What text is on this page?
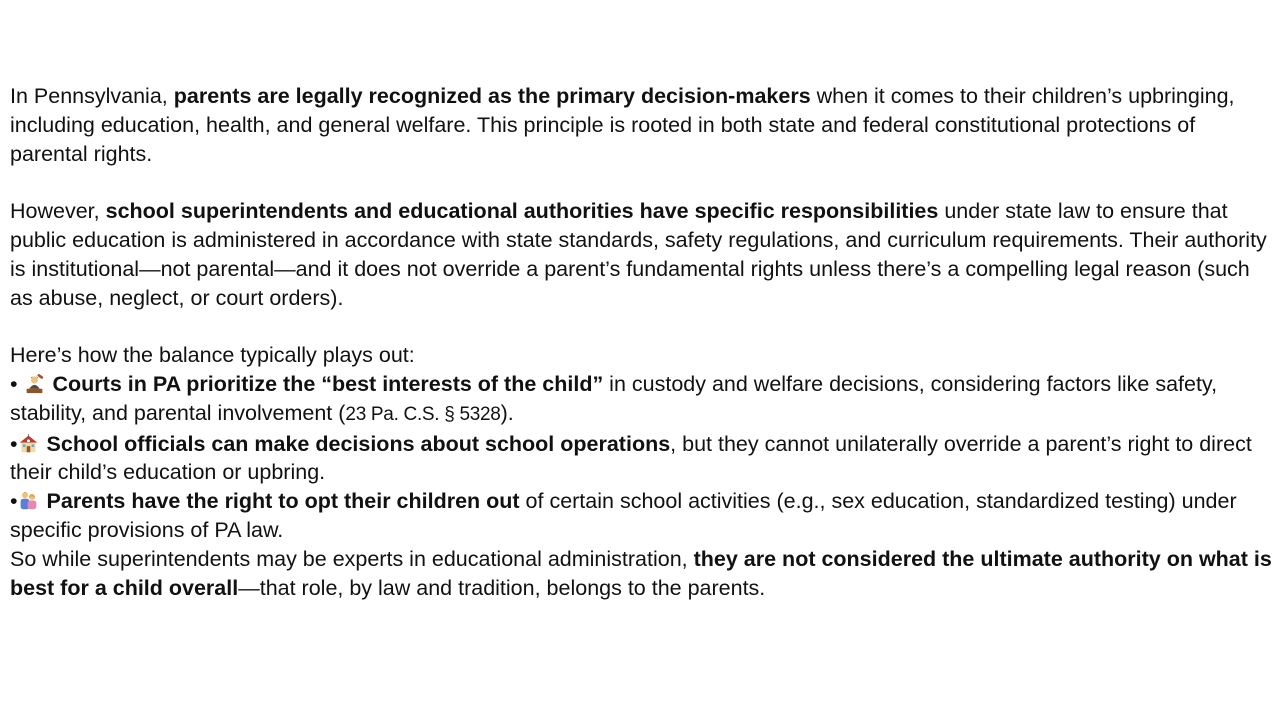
In Pennsylvania, parents are legally recognized as the primary decision-makers when it comes to their children’s upbringing, including education, health, and general welfare. This principle is rooted in both state and federal constitutional protections of parental rights.

However, school superintendents and educational authorities have specific responsibilities under state law to ensure that public education is administered in accordance with state standards, safety regulations, and curriculum requirements. Their authority is institutional—not parental—and it does not override a parent’s fundamental rights unless there’s a compelling legal reason (such as abuse, neglect, or court orders).

Here’s how the balance typically plays out:

• Courts in PA prioritize the “best interests of the child” in custody and welfare decisions, considering factors like safety, stability, and parental involvement (23 Pa. C.S. § 5328).

• School officials can make decisions about school operations, but they cannot unilaterally override a parent’s right to direct their child’s education or upbring.

• Parents have the right to opt their children out of certain school activities (e.g., sex education, standardized testing) under specific provisions of PA law.

So while superintendents may be experts in educational administration, they are not considered the ultimate authority on what is best for a child overall—that role, by law and tradition, belongs to the parents.
